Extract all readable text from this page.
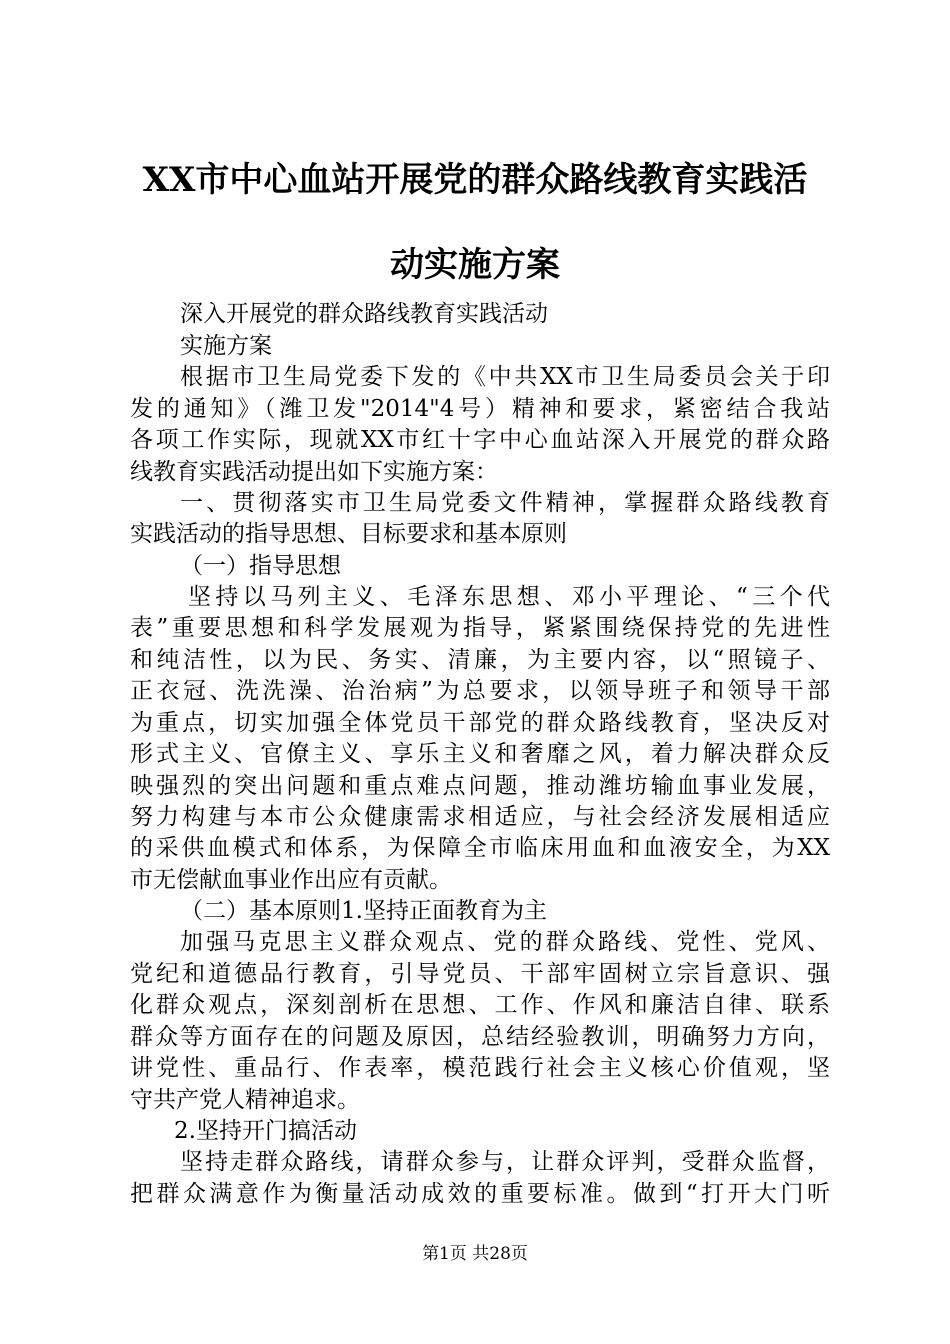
XX市中心血站开展党的群众路线教育实践活
动实施方案
深入开展党的群众路线教育实践活动
实施方案
根据市卫生局党委下发的《中共XX市卫生局委员会关于印
发的通知》（潍卫发"2014"4号）精神和要求，紧密结合我站
各项工作实际，现就XX市红十字中心血站深入开展党的群众路
线教育实践活动提出如下实施方案：
一、贯彻落实市卫生局党委文件精神，掌握群众路线教育
实践活动的指导思想、目标要求和基本原则
（一）指导思想
坚持以马列主义、毛泽东思想、邓小平理论、“三个代
表”重要思想和科学发展观为指导，紧紧围绕保持党的先进性
和纯洁性，以为民、务实、清廉，为主要内容，以“照镜子、
正衣冠、洗洗澡、治治病”为总要求，以领导班子和领导干部
为重点，切实加强全体党员干部党的群众路线教育，坚决反对
形式主义、官僚主义、享乐主义和奢靡之风，着力解决群众反
映强烈的突出问题和重点难点问题，推动潍坊输血事业发展，
努力构建与本市公众健康需求相适应，与社会经济发展相适应
的采供血模式和体系，为保障全市临床用血和血液安全，为XX
市无偿献血事业作出应有贡献。
（二）基本原则1.坚持正面教育为主
加强马克思主义群众观点、党的群众路线、党性、党风、
党纪和道德品行教育，引导党员、干部牢固树立宗旨意识、强
化群众观点，深刻剖析在思想、工作、作风和廉洁自律、联系
群众等方面存在的问题及原因，总结经验教训，明确努力方向，
讲党性、重品行、作表率，模范践行社会主义核心价值观，坚
守共产党人精神追求。
2.坚持开门搞活动
坚持走群众路线，请群众参与，让群众评判，受群众监督，
把群众满意作为衡量活动成效的重要标准。做到“打开大门听
第1页 共28页
